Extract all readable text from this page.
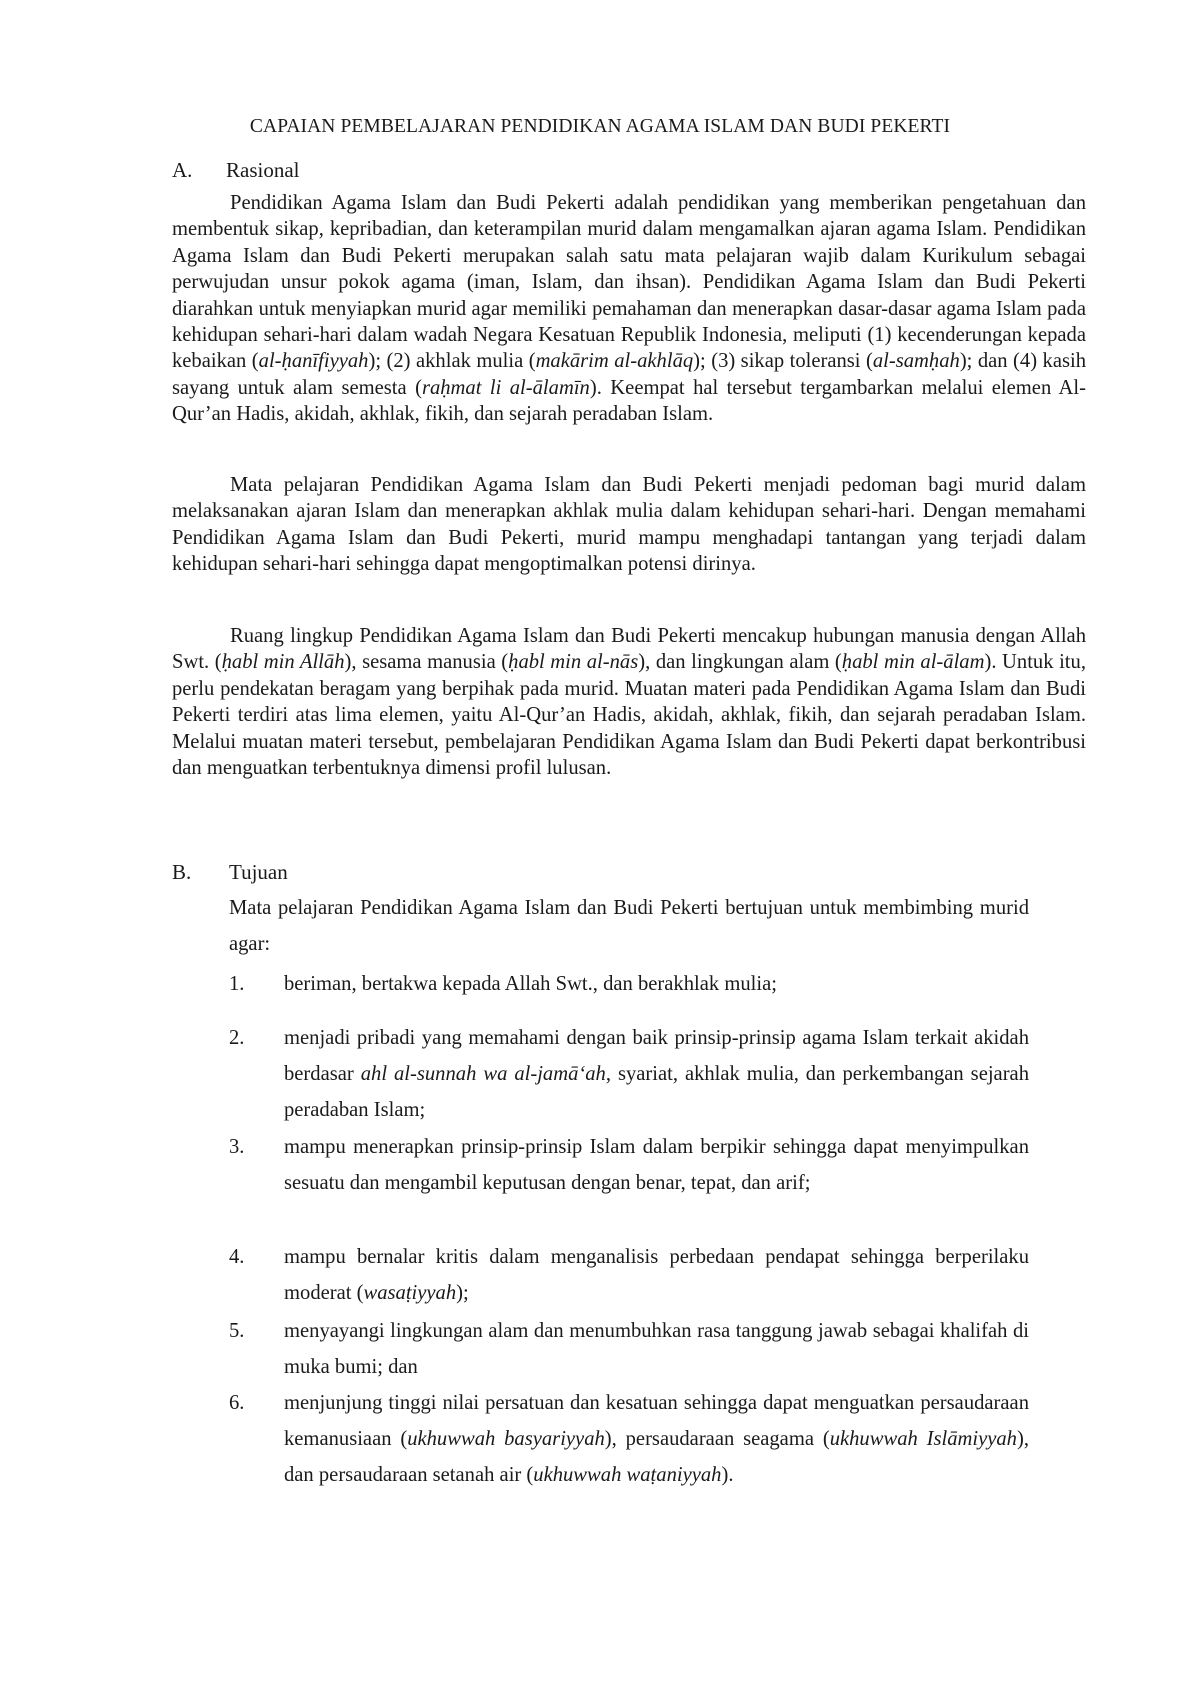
CAPAIAN PEMBELAJARAN PENDIDIKAN AGAMA ISLAM DAN BUDI PEKERTI
A. Rasional

Pendidikan Agama Islam dan Budi Pekerti adalah pendidikan yang memberikan pengetahuan dan membentuk sikap, kepribadian, dan keterampilan murid dalam mengamalkan ajaran agama Islam. Pendidikan Agama Islam dan Budi Pekerti merupakan salah satu mata pelajaran wajib dalam Kurikulum sebagai perwujudan unsur pokok agama (iman, Islam, dan ihsan). Pendidikan Agama Islam dan Budi Pekerti diarahkan untuk menyiapkan murid agar memiliki pemahaman dan menerapkan dasar-dasar agama Islam pada kehidupan sehari-hari dalam wadah Negara Kesatuan Republik Indonesia, meliputi (1) kecenderungan kepada kebaikan (al-ḥanīfiyyah); (2) akhlak mulia (makārim al-akhlāq); (3) sikap toleransi (al-samḥah); dan (4) kasih sayang untuk alam semesta (raḥmat li al-ālamīn). Keempat hal tersebut tergambarkan melalui elemen Al-Qur’an Hadis, akidah, akhlak, fikih, dan sejarah peradaban Islam.

Mata pelajaran Pendidikan Agama Islam dan Budi Pekerti menjadi pedoman bagi murid dalam melaksanakan ajaran Islam dan menerapkan akhlak mulia dalam kehidupan sehari-hari. Dengan memahami Pendidikan Agama Islam dan Budi Pekerti, murid mampu menghadapi tantangan yang terjadi dalam kehidupan sehari-hari sehingga dapat mengoptimalkan potensi dirinya.

Ruang lingkup Pendidikan Agama Islam dan Budi Pekerti mencakup hubungan manusia dengan Allah Swt. (ḥabl min Allāh), sesama manusia (ḥabl min al-nās), dan lingkungan alam (ḥabl min al-ālam). Untuk itu, perlu pendekatan beragam yang berpihak pada murid. Muatan materi pada Pendidikan Agama Islam dan Budi Pekerti terdiri atas lima elemen, yaitu Al-Qur’an Hadis, akidah, akhlak, fikih, dan sejarah peradaban Islam. Melalui muatan materi tersebut, pembelajaran Pendidikan Agama Islam dan Budi Pekerti dapat berkontribusi dan menguatkan terbentuknya dimensi profil lulusan.

B. Tujuan

Mata pelajaran Pendidikan Agama Islam dan Budi Pekerti bertujuan untuk membimbing murid agar:

1. beriman, bertakwa kepada Allah Swt., dan berakhlak mulia;
2. menjadi pribadi yang memahami dengan baik prinsip-prinsip agama Islam terkait akidah berdasar ahl al-sunnah wa al-jamā‘ah, syariat, akhlak mulia, dan perkembangan sejarah peradaban Islam;
3. mampu menerapkan prinsip-prinsip Islam dalam berpikir sehingga dapat menyimpulkan sesuatu dan mengambil keputusan dengan benar, tepat, dan arif;
4. mampu bernalar kritis dalam menganalisis perbedaan pendapat sehingga berperilaku moderat (wasaṭiyyah);
5. menyayangi lingkungan alam dan menumbuhkan rasa tanggung jawab sebagai khalifah di muka bumi; dan
6. menjunjung tinggi nilai persatuan dan kesatuan sehingga dapat menguatkan persaudaraan kemanusiaan (ukhuwwah basyariyyah), persaudaraan seagama (ukhuwwah Islāmiyyah), dan persaudaraan setanah air (ukhuwwah waṭaniyyah).
